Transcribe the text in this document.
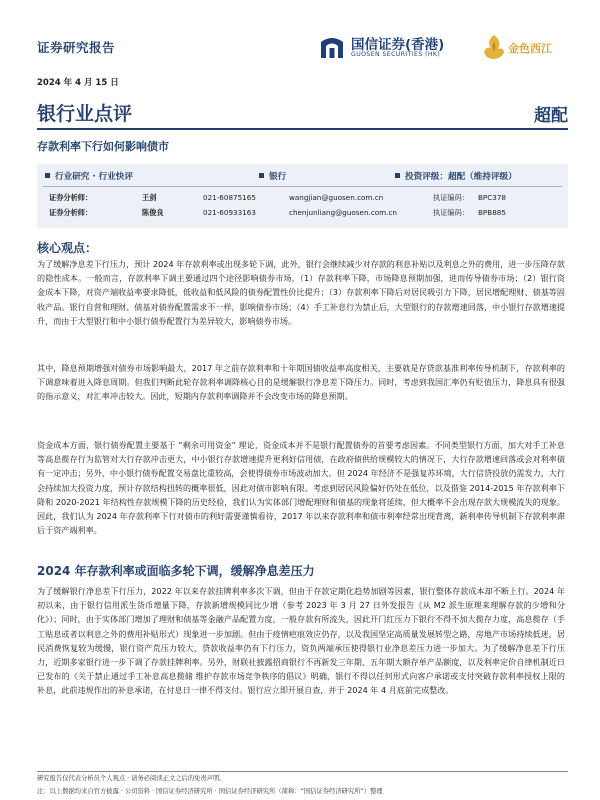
证券研究报告	国信证券(香港)
GUOSEN SECURITIES (HK)	金色西江
2024 年 4 月 15 日
银行业点评	超配
存款利率下行如何影响债市
行业研究 · 行业快评	银行	投资评级：超配（维持评级）
证券分析师：	王剑	021-60875165	wangjian@guosen.com.cn	执证编码： BPC378
证券分析师：	陈俊良	021-60933163	chenjunliang@guosen.com.cn	执证编码： BPB885
核心观点：

为了缓解净息差下行压力，预计 2024 年存款利率或出现多轮下调，此外，银行会继续减少对存款的利息补贴以及利息之外的费用，进一步压降存款的隐性成本。一般而言，存款利率下调主要通过四个途径影响债券市场，（1）存款利率下降，市场降息预期加强，进而传导债券市场；（2）银行资金成本下降，对资产端收益率要求降低，低收益和低风险的债券配置性价比提升；（3）存款利率下降后对居民吸引力下降，居民增配理财、债基等固收产品。银行自营和理财、债基对债券配置需求不一样，影响债券市场；（4）手工补息行为禁止后，大型银行的存款增速回落，中小银行存款增速提升，而由于大型银行和中小银行债券配置行为差异较大，影响债券市场。

其中，降息预期增强对债券市场影响最大，2017 年之前存款利率和十年期国债收益率高度相关，主要就是存贷款基准利率传导机制下，存款利率的下调意味着进入降息周期。但我们判断此轮存款利率调降核心目的是缓解银行净息差下降压力。同时，考虑到我国汇率仍有贬值压力，降息具有很强的指示意义，对汇率冲击较大。因此，短期内存款利率调降并不会改变市场的降息预期。

资金成本方面，银行债券配置主要基于 “剩余可用资金” 理论，资金成本并不是银行配置债券的首要考虑因素。不同类型银行方面，加大对手工补息等高息揽存行为监管对大行存款冲击更大，中小银行存款增速提升更利好信用债，在政府债供给规模较大的情况下，大行存款增速回落或会对利率债有一定冲击；另外，中小银行债券配置交易盘比重较高，会使得债券市场波动加大。但 2024 年经济不是强复苏环境，大行信贷投放仍需发力，大行会持续加大投资力度，预计存款结构扭转的概率很低，因此对债市影响有限。考虑到居民风险偏好仍处在低位，以及借鉴 2014-2015 年存款利率下降和 2020-2021 年结构性存款规模下降的历史经验，我们认为实体部门增配理财和债基的现象将延续，但大概率不会出现存款大规模流失的现象。因此，我们认为 2024 年存款利率下行对债市的利好需要谨慎看待，2017 年以来存款利率和债市利率经常出现背离，新利率传导机制下存款利率滞后于资产端利率。

2024 年存款利率或面临多轮下调，缓解净息差压力

为了缓解银行净息差下行压力，2022 年以来存款挂牌利率多次下调，但由于存款定期化趋势加剧等因素，银行整体存款成本却不断上行。2024 年初以来，由于银行信用派生货币增量下降，存款新增规模同比少增（参考 2023 年 3 月 27 日外发报告《从 M2 派生原理来理解存款的少增和分化》）；同时，由于实体部门增加了理财和债基等金融产品配置力度，一般存款有所流失，因此开门红压力下银行不得不加大揽存力度，高息揽存（手工贴息或者以利息之外的费用补贴形式）现象进一步加剧。但由于疫情疤痕效应仍存，以及我国坚定高质量发展转型之路，房地产市场持续低迷，居民消费恢复较为缓慢，银行资产荒压力较大，贷款收益率仍有下行压力，资负两端承压使得银行业净息差压力进一步加大。为了缓解净息差下行压力，近期多家银行进一步下调了存款挂牌利率。另外，财联社披露招商银行不再新发三年期、五年期大额存单产品额度，以及利率定价自律机制近日已发布的《关于禁止通过手工补息高息揽储 维护存款市场竞争秩序的倡议》明确，银行不得以任何形式向客户承诺或支付突破存款利率授权上限的补息，此前违规作出的补息承诺，在付息日一律不得支付。银行应立即开展自查，并于 2024 年 4 月底前完成整改。

研究报告仅代表分析员个人观点 · 请务必阅读正文之后的免责声明。
注：以上数据均来自官方披露 · 公司资料 · 国信证券经济研究所 · 国信证券经济研究所（简称：“国信证券经济研究所”）整理
